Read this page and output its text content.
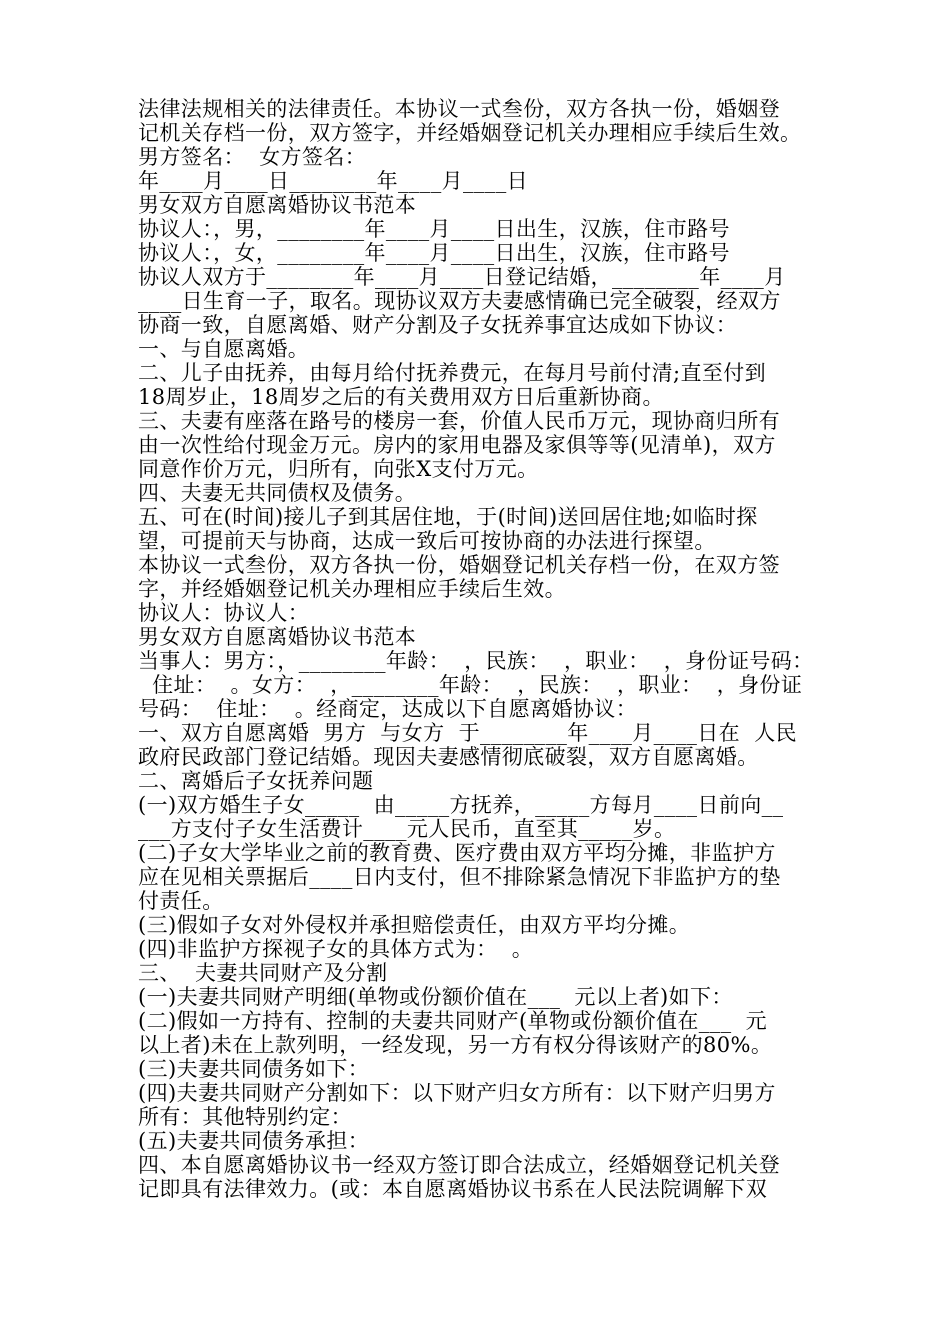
法律法规相关的法律责任。本协议一式叁份，双方各执一份，婚姻登
记机关存档一份，双方签字，并经婚姻登记机关办理相应手续后生效。
男方签名：  女方签名：
年____月____日________年____月____日
男女双方自愿离婚协议书范本
协议人：，男，________年____月____日出生，汉族，住市路号
协议人：，女，________年____月____日出生，汉族，住市路号
协议人双方于________年____月____日登记结婚，________年____月
____日生育一子，取名。现协议双方夫妻感情确已完全破裂，经双方
协商一致，自愿离婚、财产分割及子女抚养事宜达成如下协议：
一、与自愿离婚。
二、儿子由抚养，由每月给付抚养费元，在每月号前付清;直至付到
18周岁止，18周岁之后的有关费用双方日后重新协商。
三、夫妻有座落在路号的楼房一套，价值人民币万元，现协商归所有
由一次性给付现金万元。房内的家用电器及家俱等等(见清单)，双方
同意作价万元，归所有，向张X支付万元。
四、夫妻无共同债权及债务。
五、可在(时间)接儿子到其居住地，于(时间)送回居住地;如临时探
望，可提前天与协商，达成一致后可按协商的办法进行探望。
本协议一式叁份，双方各执一份，婚姻登记机关存档一份，在双方签
字，并经婚姻登记机关办理相应手续后生效。
协议人：协议人：
男女双方自愿离婚协议书范本
当事人：男方：，________年龄：  ，民族：  ，职业：  ，身份证号码：
住址：  。女方：  ，________年龄：  ，民族：  ，职业：  ，身份证
号码：  住址：  。经商定，达成以下自愿离婚协议：
一、双方自愿离婚  男方  与女方  于________年____月____日在  人民
政府民政部门登记结婚。现因夫妻感情彻底破裂，双方自愿离婚。
二、离婚后子女抚养问题
(一)双方婚生子女_____  由_____方抚养，_____方每月____日前向__
___方支付子女生活费计____元人民币，直至其_____岁。
(二)子女大学毕业之前的教育费、医疗费由双方平均分摊，非监护方
应在见相关票据后____日内支付，但不排除紧急情况下非监护方的垫
付责任。
(三)假如子女对外侵权并承担赔偿责任，由双方平均分摊。
(四)非监护方探视子女的具体方式为：  。
三、  夫妻共同财产及分割
(一)夫妻共同财产明细(单物或份额价值在___  元以上者)如下：
(二)假如一方持有、控制的夫妻共同财产(单物或份额价值在___  元
以上者)未在上款列明，一经发现，另一方有权分得该财产的80%。
(三)夫妻共同债务如下：
(四)夫妻共同财产分割如下：以下财产归女方所有：以下财产归男方
所有：其他特别约定：
(五)夫妻共同债务承担：
四、本自愿离婚协议书一经双方签订即合法成立，经婚姻登记机关登
记即具有法律效力。(或：本自愿离婚协议书系在人民法院调解下双
